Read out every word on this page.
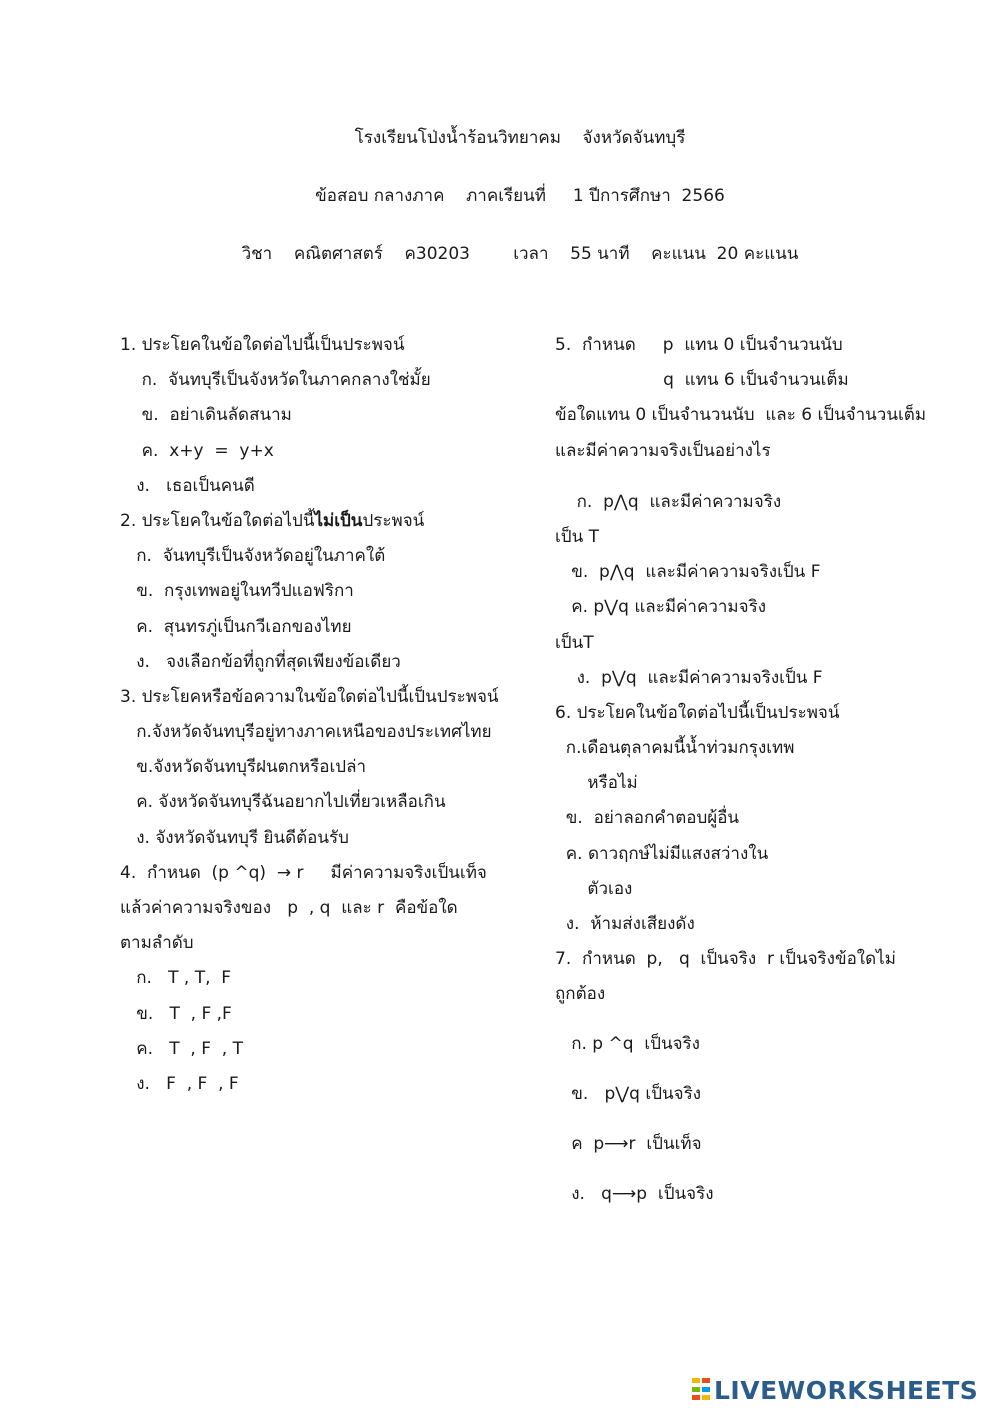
โรงเรียนโป่งน้ำร้อนวิทยาคม    จังหวัดจันทบุรี
ข้อสอบ กลางภาค    ภาคเรียนที่     1 ปีการศึกษา  2566
วิชา    คณิตศาสตร์    ค30203        เวลา    55 นาที    คะแนน  20 คะแนน
1. ประโยคในข้อใดต่อไปนี้เป็นประพจน์
ก.  จันทบุรีเป็นจังหวัดในภาคกลางใช่มั้ย
ข.  อย่าเดินลัดสนาม
ค.  x+y  =  y+x
ง.   เธอเป็นคนดี
2. ประโยคในข้อใดต่อไปนี้ไม่เป็นประพจน์
ก.  จันทบุรีเป็นจังหวัดอยู่ในภาคใต้
ข.  กรุงเทพอยู่ในทวีปแอฟริกา
ค.  สุนทรภู่เป็นกวีเอกของไทย
ง.   จงเลือกข้อที่ถูกที่สุดเพียงข้อเดียว
3. ประโยคหรือข้อความในข้อใดต่อไปนี้เป็นประพจน์
ก.จังหวัดจันทบุรีอยู่ทางภาคเหนือของประเทศไทย
ข.จังหวัดจันทบุรีฝนตกหรือเปล่า
ค. จังหวัดจันทบุรีฉันอยากไปเที่ยวเหลือเกิน
ง. จังหวัดจันทบุรี ยินดีต้อนรับ
4.  กำหนด  (p ^q)  → r     มีค่าความจริงเป็นเท็จ
แล้วค่าความจริงของ   p  , q  และ r  คือข้อใด
ตามลำดับ
ก.   T , T,  F
ข.   T  , F ,F
ค.   T  , F  , T
ง.   F  , F  , F
5.  กำหนด     p  แทน 0 เป็นจำนวนนับ
q  แทน 6 เป็นจำนวนเต็ม
ข้อใดแทน 0 เป็นจำนวนนับ  และ 6 เป็นจำนวนเต็ม
และมีค่าความจริงเป็นอย่างไร
ก.  p⋀q  และมีค่าความจริง
เป็น T
ข.  p⋀q  และมีค่าความจริงเป็น F
ค. p⋁q และมีค่าความจริง
เป็นT
ง.  p⋁q  และมีค่าความจริงเป็น F
6. ประโยคในข้อใดต่อไปนี้เป็นประพจน์
ก.เดือนตุลาคมนี้น้ำท่วมกรุงเทพ
หรือไม่
ข.  อย่าลอกคำตอบผู้อื่น
ค. ดาวฤกษ์ไม่มีแสงสว่างใน
ตัวเอง
ง.  ห้ามส่งเสียงดัง
7.  กำหนด  p,   q  เป็นจริง  r เป็นจริงข้อใดไม่
ถูกต้อง
ก. p ^q  เป็นจริง
ข.   p⋁q เป็นจริง
ค  p⟶r  เป็นเท็จ
ง.   q⟶p  เป็นจริง
LIVEWORKSHEETS
